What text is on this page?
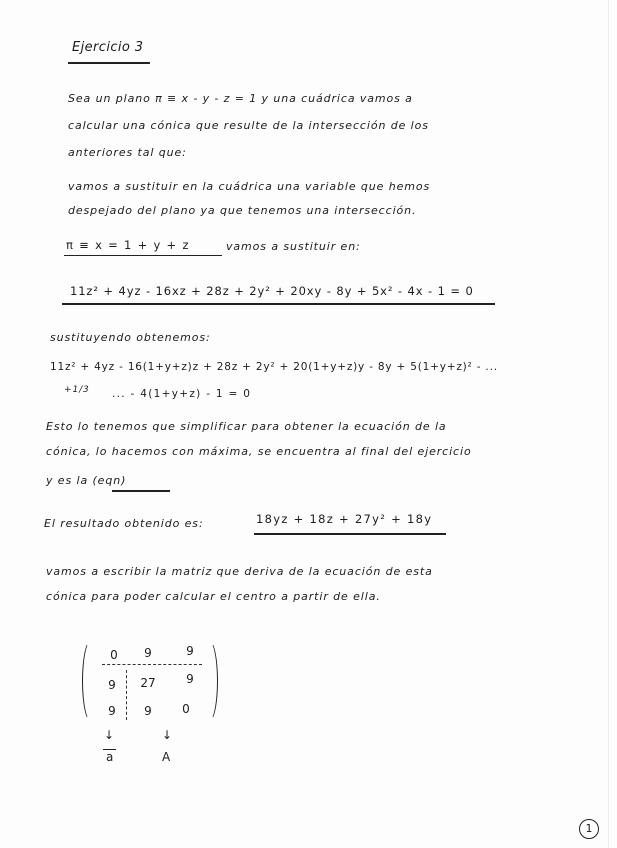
Ejercicio 3
Sea un plano π ≡ x - y - z = 1 y una cuádrica vamos a
calcular una cónica que resulte de la intersección de los
anteriores tal que:
vamos a sustituir en la cuádrica una variable que hemos
despejado del plano ya que tenemos una intersección.
π ≡ x = 1 + y + z	vamos a sustituir en:
11z² + 4yz - 16xz + 28z + 2y² + 20xy - 8y + 5x² - 4x - 1 = 0
sustituyendo obtenemos:
11z² + 4yz - 16(1+y+z)z + 28z + 2y² + 20(1+y+z)y - 8y + 5(1+y+z)² - ...
+1/3 ... - 4(1+y+z) - 1 = 0
Esto lo tenemos que simplificar para obtener la ecuación de la
cónica, lo hacemos con máxima, se encuentra al final del ejercicio
y es la (eqn)
El resultado obtenido es:	18yz + 18z + 27y² + 18y
vamos a escribir la matriz que deriva de la ecuación de esta
cónica para poder calcular el centro a partir de ella.
0	9	9
9	27	9
9	9	0
↓	↓
a	A
1
